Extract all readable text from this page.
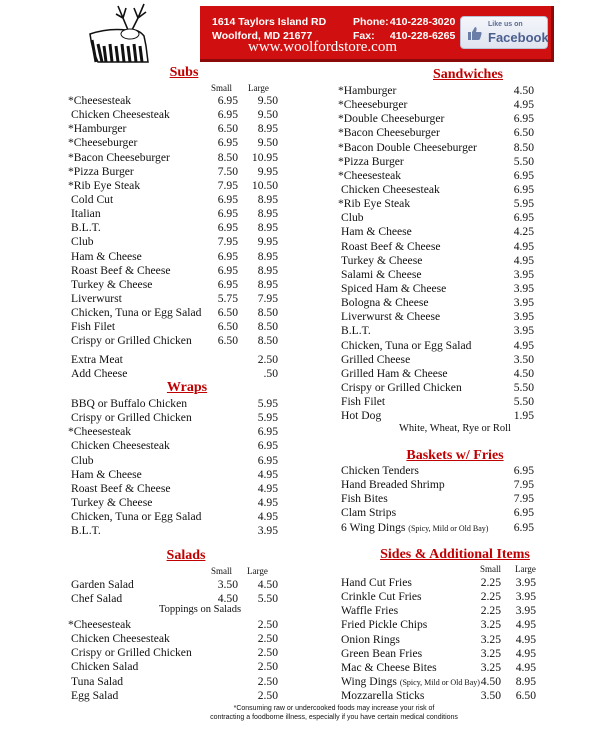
1614 Taylors Island RD
Woolford, MD 21677
Phone: 410-228-3020
Fax: 410-228-6265
www.woolfordstore.com
Like us on
Facebook
Subs
Small Large
Wraps
Salads
Small Large
Toppings on Salads
Sandwiches
White, Wheat, Rye or Roll
Baskets w/ Fries
Sides & Additional Items
Small Large
*Cheesesteak	6.95	9.50
Chicken Cheesesteak	6.95	9.50
*Hamburger	6.50	8.95
*Cheeseburger	6.95	9.50
*Bacon Cheeseburger	8.50	10.95
*Pizza Burger	7.50	9.95
*Rib Eye Steak	7.95	10.50
Cold Cut	6.95	8.95
Italian	6.95	8.95
B.L.T.	6.95	8.95
Club	7.95	9.95
Ham & Cheese	6.95	8.95
Roast Beef & Cheese	6.95	8.95
Turkey & Cheese	6.95	8.95
Liverwurst	5.75	7.95
Chicken, Tuna or Egg Salad	6.50	8.50
Fish Filet	6.50	8.50
Crispy or Grilled Chicken	6.50	8.50
Extra Meat	2.50
Add Cheese	.50
BBQ or Buffalo Chicken	5.95
Crispy or Grilled Chicken	5.95
*Cheesesteak	6.95
Chicken Cheesesteak	6.95
Club	6.95
Ham & Cheese	4.95
Roast Beef & Cheese	4.95
Turkey & Cheese	4.95
Chicken, Tuna or Egg Salad	4.95
B.L.T.	3.95
Garden Salad	3.50	4.50
Chef Salad	4.50	5.50
*Cheesesteak	2.50
Chicken Cheesesteak	2.50
Crispy or Grilled Chicken	2.50
Chicken Salad	2.50
Tuna Salad	2.50
Egg Salad	2.50
*Hamburger	4.50
*Cheeseburger	4.95
*Double Cheeseburger	6.95
*Bacon Cheeseburger	6.50
*Bacon Double Cheeseburger	8.50
*Pizza Burger	5.50
*Cheesesteak	6.95
Chicken Cheesesteak	6.95
*Rib Eye Steak	5.95
Club	6.95
Ham & Cheese	4.25
Roast Beef & Cheese	4.95
Turkey & Cheese	4.95
Salami & Cheese	3.95
Spiced Ham & Cheese	3.95
Bologna & Cheese	3.95
Liverwurst & Cheese	3.95
B.L.T.	3.95
Chicken, Tuna or Egg Salad	4.95
Grilled Cheese	3.50
Grilled Ham & Cheese	4.50
Crispy or Grilled Chicken	5.50
Fish Filet	5.50
Hot Dog	1.95
Chicken Tenders	6.95
Hand Breaded Shrimp	7.95
Fish Bites	7.95
Clam Strips	6.95
6 Wing Dings (Spicy, Mild or Old Bay)	6.95
Hand Cut Fries	2.25	3.95
Crinkle Cut Fries	2.25	3.95
Waffle Fries	2.25	3.95
Fried Pickle Chips	3.25	4.95
Onion Rings	3.25	4.95
Green Bean Fries	3.25	4.95
Mac & Cheese Bites	3.25	4.95
Wing Dings (Spicy, Mild or Old Bay) 4.50	8.95
Mozzarella Sticks	3.50	6.50
*Consuming raw or undercooked foods may increase your risk of
contracting a foodborne illness, especially if you have certain medical conditions
